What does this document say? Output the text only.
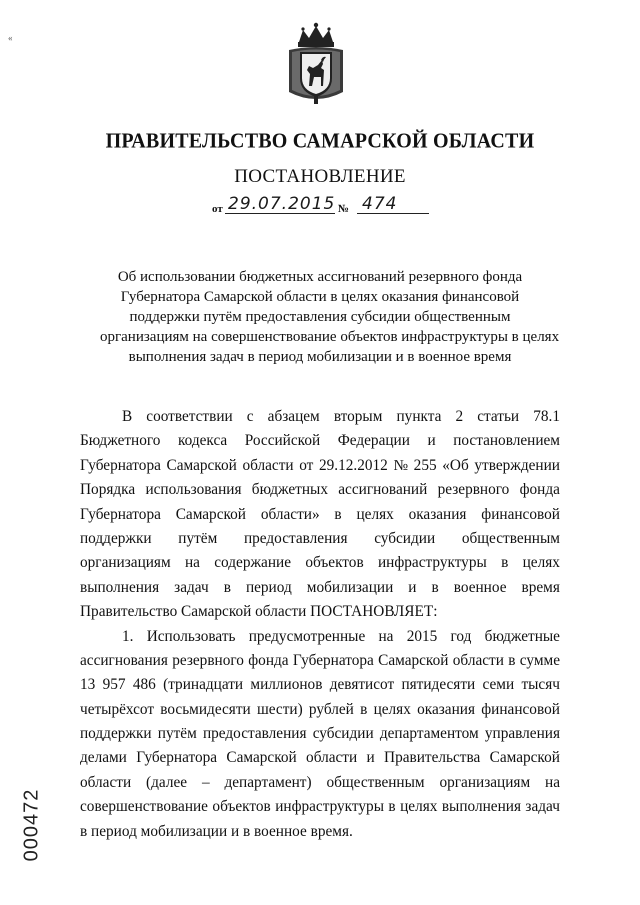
«
ПРАВИТЕЛЬСТВО САМАРСКОЙ ОБЛАСТИ
ПОСТАНОВЛЕНИЕ
от 29.07.2015 № 474
Об использовании бюджетных ассигнований резервного фонда
Губернатора Самарской области в целях оказания финансовой
поддержки путём предоставления субсидии общественным
организациям на совершенствование объектов инфраструктуры в целях
выполнения задач в период мобилизации и в военное время
В соответствии с абзацем вторым пункта 2 статьи 78.1
Бюджетного кодекса Российской Федерации и постановлением
Губернатора Самарской области от 29.12.2012 № 255 «Об утверждении
Порядка использования бюджетных ассигнований резервного фонда
Губернатора Самарской области» в целях оказания финансовой
поддержки путём предоставления субсидии общественным
организациям на содержание объектов инфраструктуры в целях
выполнения задач в период мобилизации и в военное время
Правительство Самарской области ПОСТАНОВЛЯЕТ:
1. Использовать предусмотренные на 2015 год бюджетные
ассигнования резервного фонда Губернатора Самарской области в сумме
13 957 486 (тринадцати миллионов девятисот пятидесяти семи тысяч
четырёхсот восьмидесяти шести) рублей в целях оказания финансовой
поддержки путём предоставления субсидии департаментом управления
делами Губернатора Самарской области и Правительства Самарской
области (далее – департамент) общественным организациям на
совершенствование объектов инфраструктуры в целях выполнения задач
в период мобилизации и в военное время.
000472
